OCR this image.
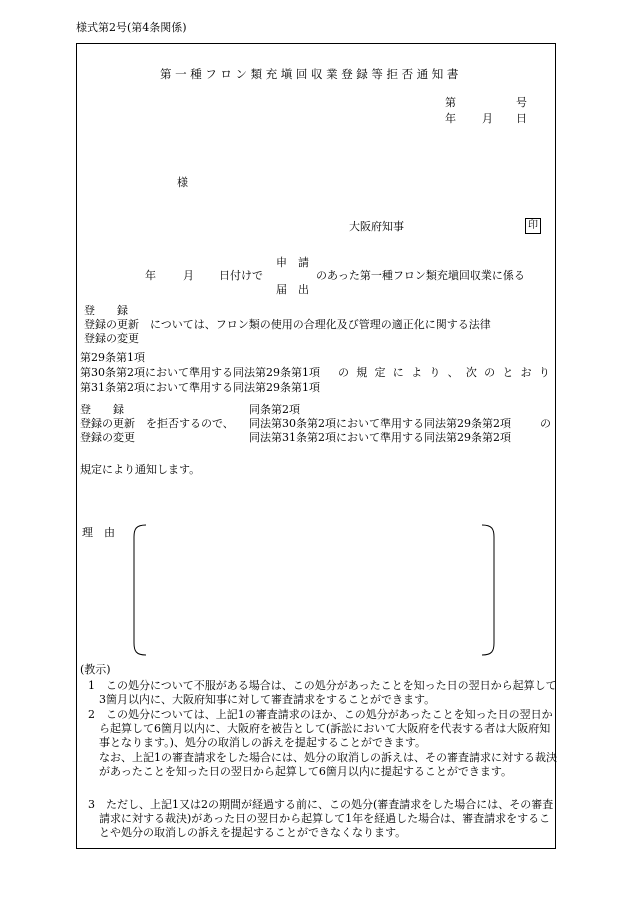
様式第2号(第4条関係)
第一種フロン類充塡回収業登録等拒否通知書
第	号
年 月 日
様
大阪府知事	印
申　請
年 月 日付けで	のあった第一種フロン類充塡回収業に係る
届　出
登　　録
登録の更新 については、フロン類の使用の合理化及び管理の適正化に関する法律
登録の変更
第29条第1項
第30条第2項において準用する同法第29条第1項 の 規 定 に よ り 、 次 の と お り
第31条第2項において準用する同法第29条第1項
登　　録
登録の更新 を拒否するので、
登録の変更
同条第2項
同法第30条第2項において準用する同法第29条第2項	の
同法第31条第2項において準用する同法第29条第2項
規定により通知します。
理　由
(教示)
1　この処分について不服がある場合は、この処分があったことを知った日の翌日から起算して3箇月以内に、大阪府知事に対して審査請求をすることができます。
2　この処分については、上記1の審査請求のほか、この処分があったことを知った日の翌日から起算して6箇月以内に、大阪府を被告として(訴訟において大阪府を代表する者は大阪府知事となります。)、処分の取消しの訴えを提起することができます。
　なお、上記1の審査請求をした場合には、処分の取消しの訴えは、その審査請求に対する裁決があったことを知った日の翌日から起算して6箇月以内に提起することができます。
3　ただし、上記1又は2の期間が経過する前に、この処分(審査請求をした場合には、その審査請求に対する裁決)があった日の翌日から起算して1年を経過した場合は、審査請求をすることや処分の取消しの訴えを提起することができなくなります。
